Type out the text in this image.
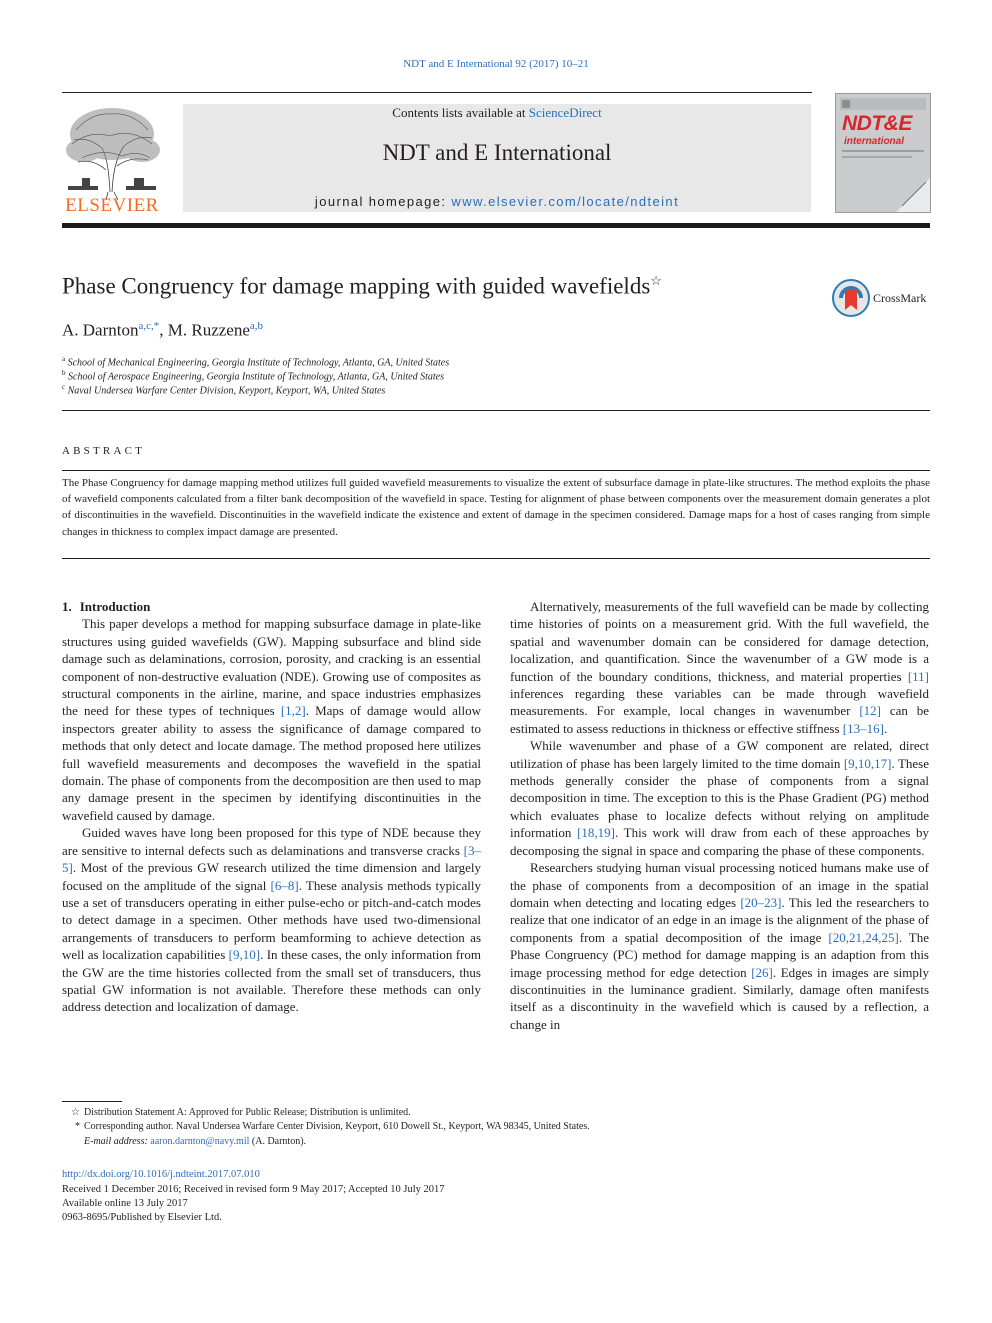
NDT and E International 92 (2017) 10–21
ELSEVIER
Contents lists available at ScienceDirect
NDT and E International
journal homepage: www.elsevier.com/locate/ndteint
NDT&E
international
Phase Congruency for damage mapping with guided wavefields☆
CrossMark
A. Darnton$^{a,c,*}$, M. Ruzzene$^{a,b}$
$^a$ School of Mechanical Engineering, Georgia Institute of Technology, Atlanta, GA, United States
$^b$ School of Aerospace Engineering, Georgia Institute of Technology, Atlanta, GA, United States
$^c$ Naval Undersea Warfare Center Division, Keyport, Keyport, WA, United States
ABSTRACT
The Phase Congruency for damage mapping method utilizes full guided wavefield measurements to visualize the extent of subsurface damage in plate-like structures. The method exploits the phase of wavefield components calculated from a filter bank decomposition of the wavefield in space. Testing for alignment of phase between components over the measurement domain generates a plot of discontinuities in the wavefield. Discontinuities in the wavefield indicate the existence and extent of damage in the specimen considered. Damage maps for a host of cases ranging from simple changes in thickness to complex impact damage are presented.

1. Introduction

This paper develops a method for mapping subsurface damage in plate-like structures using guided wavefields (GW). Mapping subsurface and blind side damage such as delaminations, corrosion, porosity, and cracking is an essential component of non-destructive evaluation (NDE). Growing use of composites as structural components in the airline, marine, and space industries emphasizes the need for these types of techniques [1,2]. Maps of damage would allow inspectors greater ability to assess the significance of damage compared to methods that only detect and locate damage. The method proposed here utilizes full wavefield measurements and decomposes the wavefield in the spatial domain. The phase of components from the decomposition are then used to map any damage present in the specimen by identifying discontinuities in the wavefield caused by damage.

Guided waves have long been proposed for this type of NDE because they are sensitive to internal defects such as delaminations and transverse cracks [3–5]. Most of the previous GW research utilized the time dimension and largely focused on the amplitude of the signal [6–8]. These analysis methods typically use a set of transducers operating in either pulse-echo or pitch-and-catch modes to detect damage in a specimen. Other methods have used two-dimensional arrangements of transducers to perform beamforming to achieve detection as well as localization capabilities [9,10]. In these cases, the only information from the GW are the time histories collected from the small set of transducers, thus spatial GW information is not available. Therefore these methods can only address detection and localization of damage.

Alternatively, measurements of the full wavefield can be made by collecting time histories of points on a measurement grid. With the full wavefield, the spatial and wavenumber domain can be considered for damage detection, localization, and quantification. Since the wavenumber of a GW mode is a function of the boundary conditions, thickness, and material properties [11] inferences regarding these variables can be made through wavefield measurements. For example, local changes in wavenumber [12] can be estimated to assess reductions in thickness or effective stiffness [13–16].

While wavenumber and phase of a GW component are related, direct utilization of phase has been largely limited to the time domain [9,10,17]. These methods generally consider the phase of components from a signal decomposition in time. The exception to this is the Phase Gradient (PG) method which evaluates phase to localize defects without relying on amplitude information [18,19]. This work will draw from each of these approaches by decomposing the signal in space and comparing the phase of these components.

Researchers studying human visual processing noticed humans make use of the phase of components from a decomposition of an image in the spatial domain when detecting and locating edges [20–23]. This led the researchers to realize that one indicator of an edge in an image is the alignment of the phase of components from a spatial decomposition of the image [20,21,24,25]. The Phase Congruency (PC) method for damage mapping is an adaption from this image processing method for edge detection [26]. Edges in images are simply discontinuities in the luminance gradient. Similarly, damage often manifests itself as a discontinuity in the wavefield which is caused by a reflection, a change in

☆ Distribution Statement A: Approved for Public Release; Distribution is unlimited.
* Corresponding author. Naval Undersea Warfare Center Division, Keyport, 610 Dowell St., Keyport, WA 98345, United States.
E-mail address: aaron.darnton@navy.mil (A. Darnton).
http://dx.doi.org/10.1016/j.ndteint.2017.07.010
Received 1 December 2016; Received in revised form 9 May 2017; Accepted 10 July 2017
Available online 13 July 2017
0963-8695/Published by Elsevier Ltd.
